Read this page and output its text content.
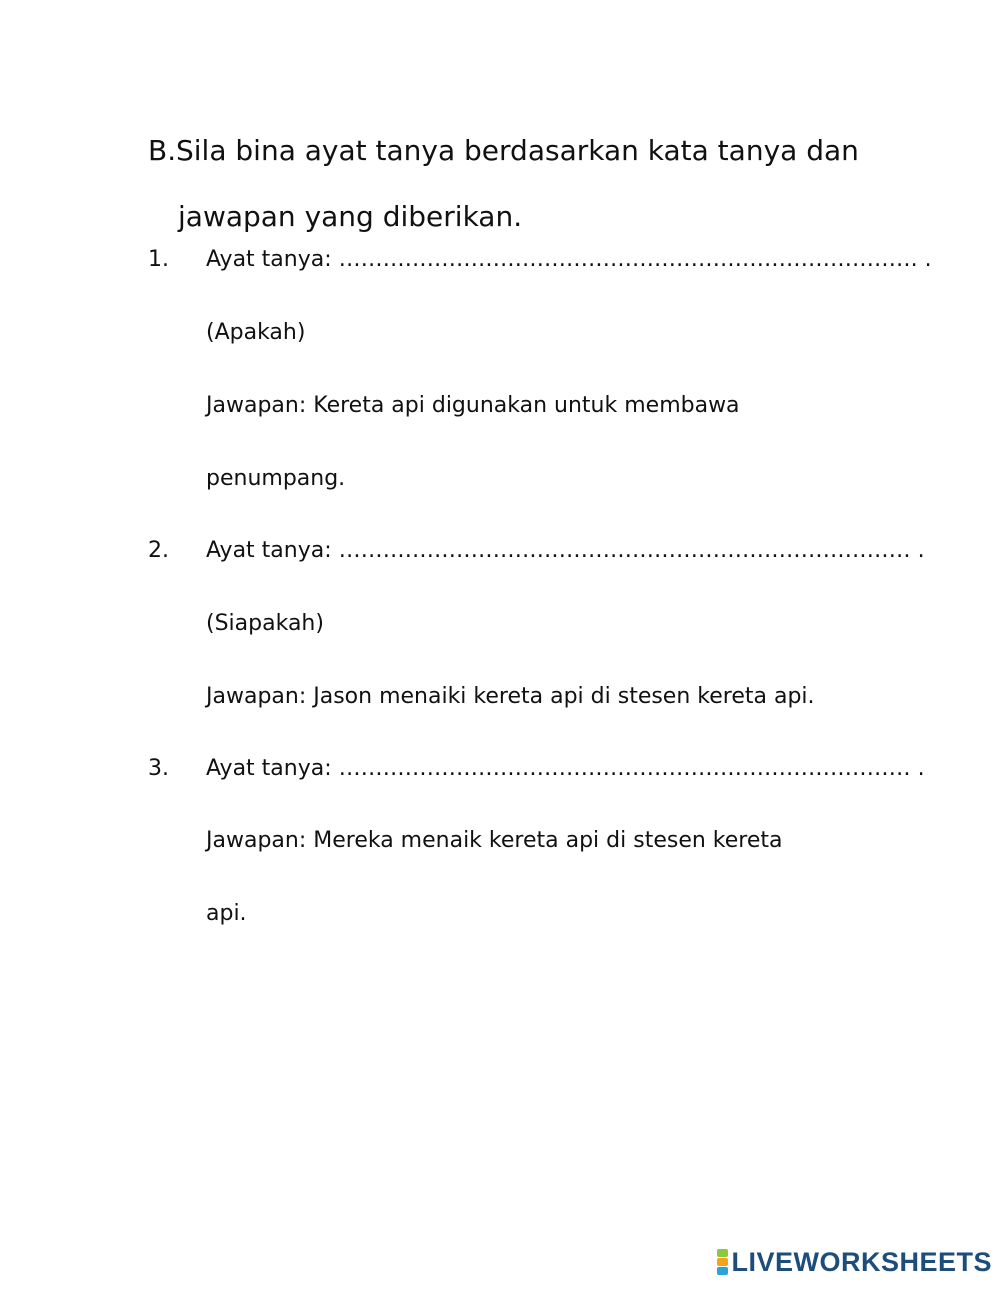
B.Sila bina ayat tanya berdasarkan kata tanya dan
jawapan yang diberikan.
1. Ayat tanya: ……………………………………………………………………. .
(Apakah)
Jawapan: Kereta api digunakan untuk membawa
penumpang.
2. Ayat tanya: …………………………………………………………………… .
(Siapakah)
Jawapan: Jason menaiki kereta api di stesen kereta api.
3. Ayat tanya: …………………………………………………………………… .
Jawapan: Mereka menaik kereta api di stesen kereta
api.
LIVEWORKSHEETS
